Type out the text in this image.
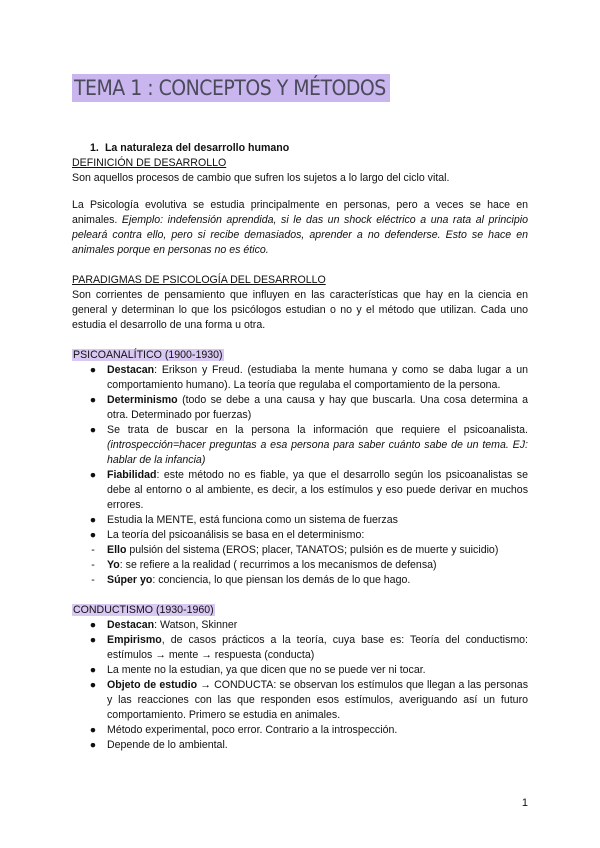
TEMA 1 : CONCEPTOS Y MÉTODOS

1. La naturaleza del desarrollo humano

DEFINICIÓN DE DESARROLLO

Son aquellos procesos de cambio que sufren los sujetos a lo largo del ciclo vital.

La Psicología evolutiva se estudia principalmente en personas, pero a veces se hace en animales. Ejemplo: indefensión aprendida, si le das un shock eléctrico a una rata al principio peleará contra ello, pero si recibe demasiados, aprender a no defenderse. Esto se hace en animales porque en personas no es ético.

PARADIGMAS DE PSICOLOGÍA DEL DESARROLLO

Son corrientes de pensamiento que influyen en las características que hay en la ciencia en general y determinan lo que los psicólogos estudian o no y el método que utilizan. Cada uno estudia el desarrollo de una forma u otra.

PSICOANALÍTICO (1900-1930)

● Destacan: Erikson y Freud. (estudiaba la mente humana y como se daba lugar a un comportamiento humano). La teoría que regulaba el comportamiento de la persona.
● Determinismo (todo se debe a una causa y hay que buscarla. Una cosa determina a otra. Determinado por fuerzas)
● Se trata de buscar en la persona la información que requiere el psicoanalista. (introspección=hacer preguntas a esa persona para saber cuánto sabe de un tema. EJ: hablar de la infancia)
● Fiabilidad: este método no es fiable, ya que el desarrollo según los psicoanalistas se debe al entorno o al ambiente, es decir, a los estímulos y eso puede derivar en muchos errores.
● Estudia la MENTE, está funciona como un sistema de fuerzas
● La teoría del psicoanálisis se basa en el determinismo:
-	Ello pulsión del sistema (EROS; placer, TANATOS; pulsión es de muerte y suicidio)
-	Yo: se refiere a la realidad ( recurrimos a los mecanismos de defensa)
-	Súper yo: conciencia, lo que piensan los demás de lo que hago.

CONDUCTISMO (1930-1960)

● Destacan: Watson, Skinner
● Empirismo, de casos prácticos a la teoría, cuya base es: Teoría del conductismo: estímulos → mente → respuesta (conducta)
● La mente no la estudian, ya que dicen que no se puede ver ni tocar.
● Objeto de estudio → CONDUCTA: se observan los estímulos que llegan a las personas y las reacciones con las que responden esos estímulos, averiguando así un futuro comportamiento. Primero se estudia en animales.
● Método experimental, poco error. Contrario a la introspección.
● Depende de lo ambiental.
1
